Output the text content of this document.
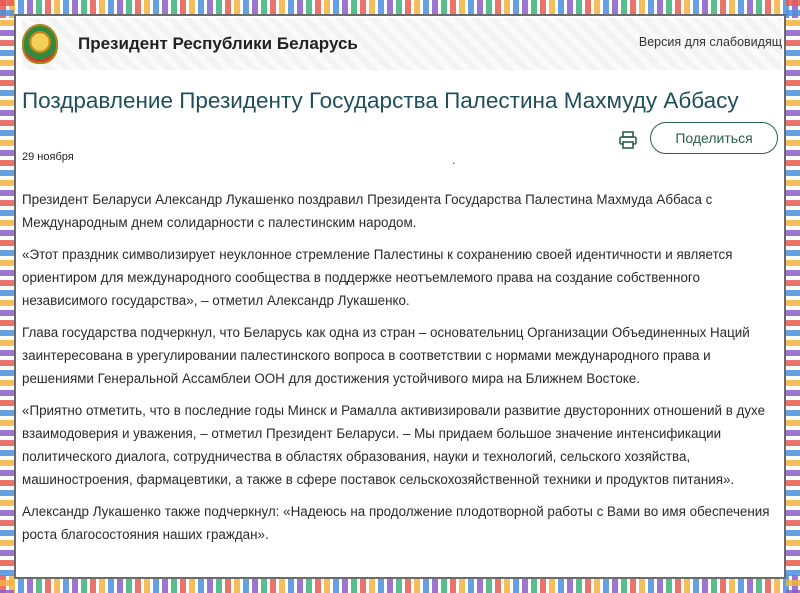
Президент Республики Беларусь	Версия для слабовидящ
Поздравление Президенту Государства Палестина Махмуду Аббасу
29 ноября	.
Поделиться

Президент Беларуси Александр Лукашенко поздравил Президента Государства Палестина Махмуда Аббаса с Международным днем солидарности с палестинским народом.

«Этот праздник символизирует неуклонное стремление Палестины к сохранению своей идентичности и является ориентиром для международного сообщества в поддержке неотъемлемого права на создание собственного независимого государства», – отметил Александр Лукашенко.

Глава государства подчеркнул, что Беларусь как одна из стран – основательниц Организации Объединенных Наций заинтересована в урегулировании палестинского вопроса в соответствии с нормами международного права и решениями Генеральной Ассамблеи ООН для достижения устойчивого мира на Ближнем Востоке.

«Приятно отметить, что в последние годы Минск и Рамалла активизировали развитие двусторонних отношений в духе взаимодоверия и уважения, – отметил Президент Беларуси. – Мы придаем большое значение интенсификации политического диалога, сотрудничества в областях образования, науки и технологий, сельского хозяйства, машиностроения, фармацевтики, а также в сфере поставок сельскохозяйственной техники и продуктов питания».

Александр Лукашенко также подчеркнул: «Надеюсь на продолжение плодотворной работы с Вами во имя обеспечения роста благосостояния наших граждан».
